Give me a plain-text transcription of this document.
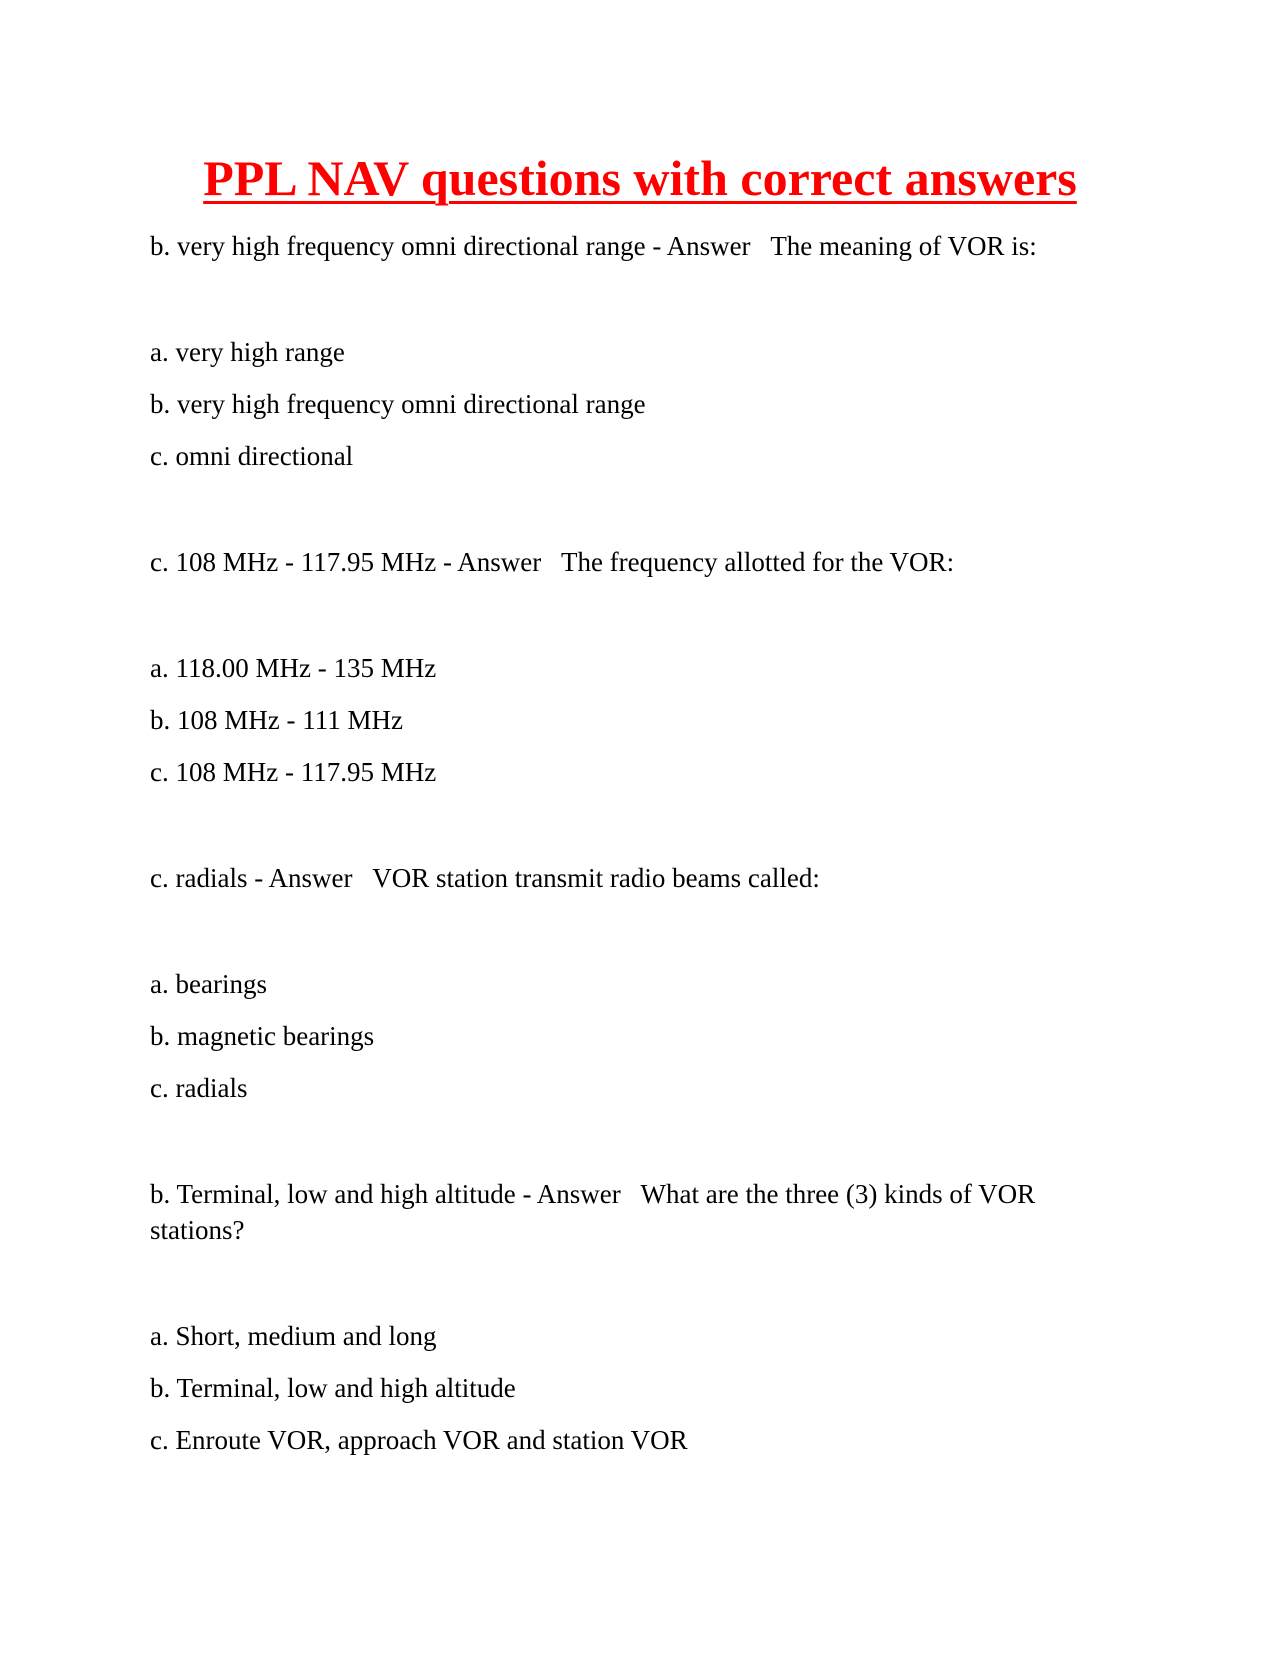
PPL NAV questions with correct answers

b. very high frequency omni directional range - Answer   The meaning of VOR is:

a. very high range

b. very high frequency omni directional range

c. omni directional

c. 108 MHz - 117.95 MHz - Answer   The frequency allotted for the VOR:

a. 118.00 MHz - 135 MHz

b. 108 MHz - 111 MHz

c. 108 MHz - 117.95 MHz

c. radials - Answer   VOR station transmit radio beams called:

a. bearings

b. magnetic bearings

c. radials

b. Terminal, low and high altitude - Answer   What are the three (3) kinds of VOR stations?

a. Short, medium and long

b. Terminal, low and high altitude

c. Enroute VOR, approach VOR and station VOR
